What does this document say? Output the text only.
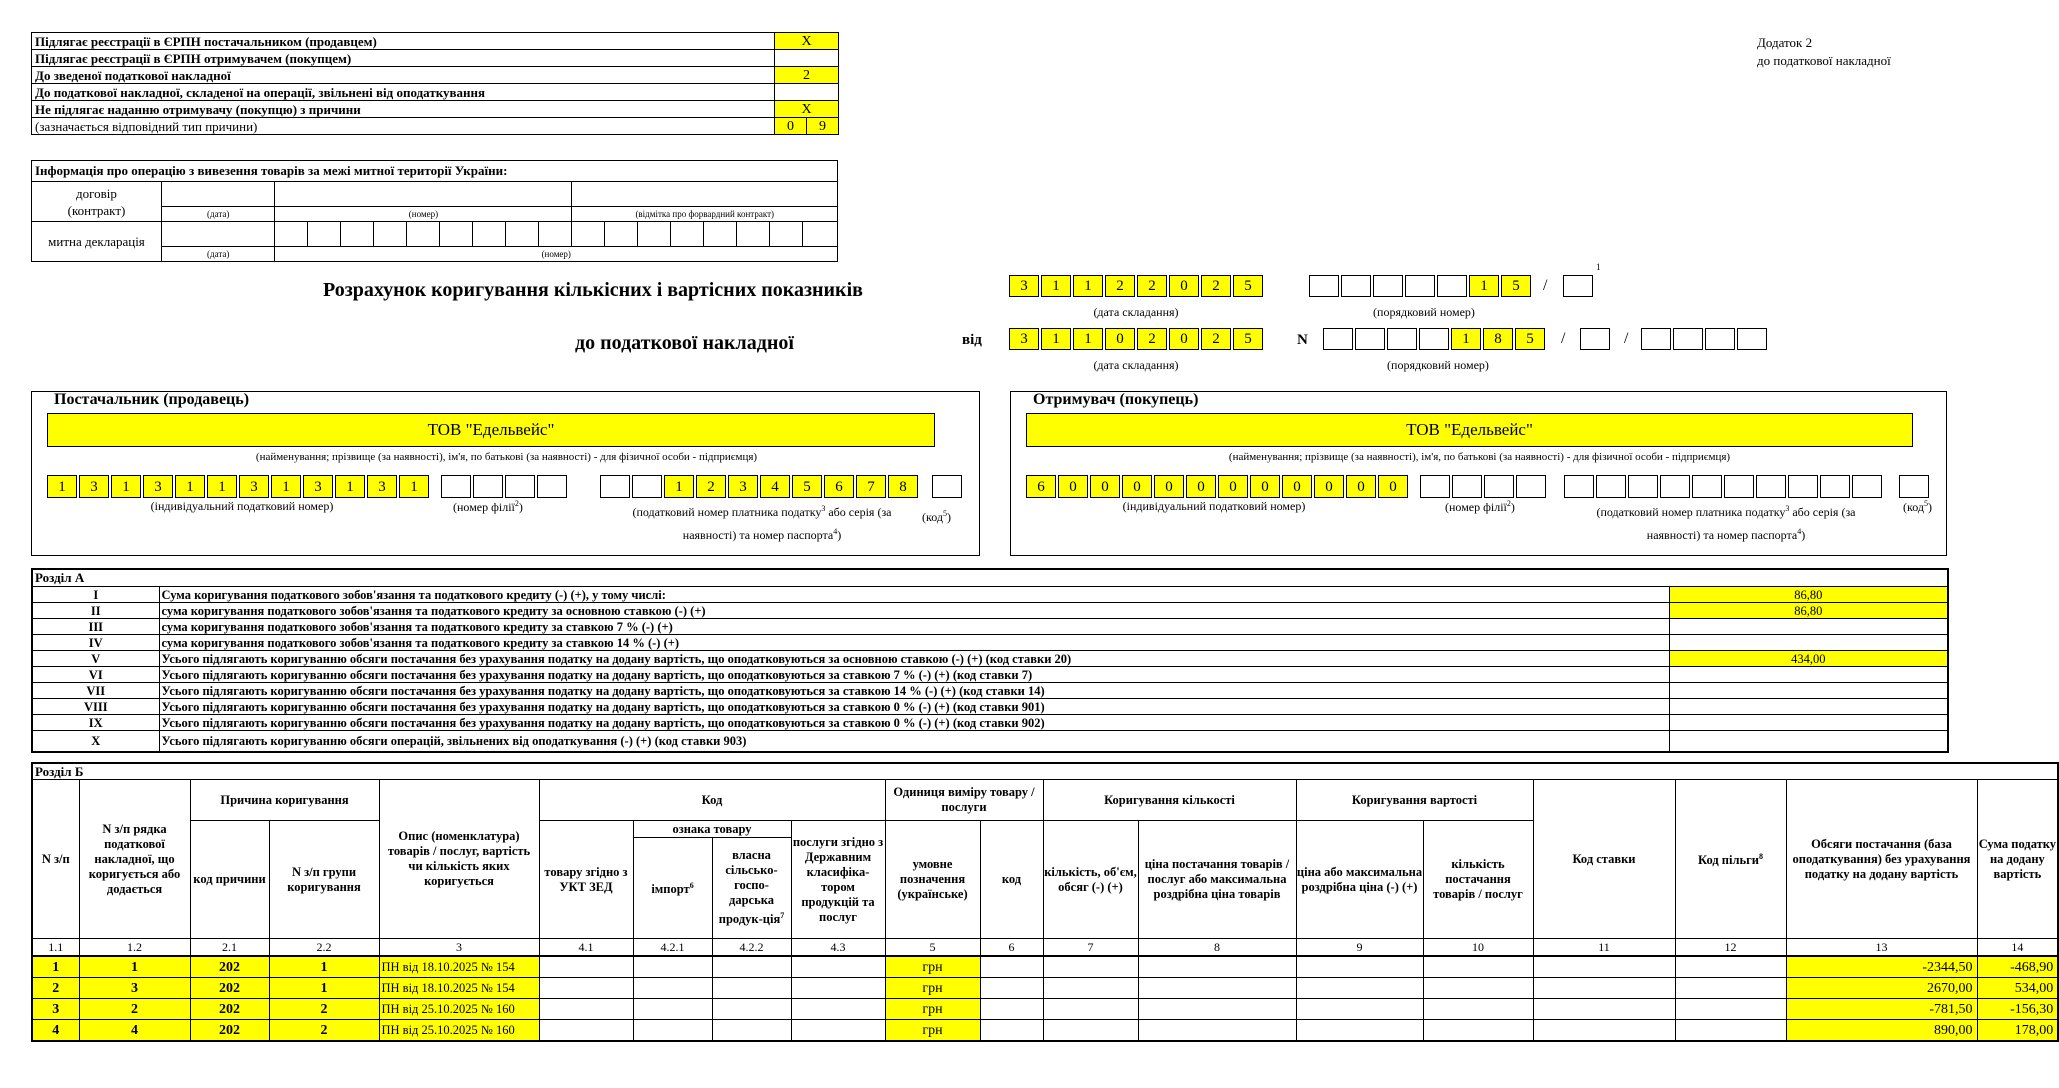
Додаток 2
до податкової накладної
Підлягає реєстрації в ЄРПН постачальником (продавцем)	X	
Підлягає реєстрації в ЄРПН отримувачем (покупцем)		
До зведеної податкової накладної	2	
До податкової накладної, складеної на операції, звільнені від оподаткування		
Не підлягає наданню отримувачу (покупцю) з причини	X	
(зазначається відповідний тип причини)	0	9
Інформація про операцію з вивезення товарів за межі митної території України:																		

договір
(контракт)																		

	(дата)	(номер)									(відмітка про форвардний контракт)							
митна декларація																		
	(дата)	(номер)																
Розрахунок коригування кількісних і вартісних показників
до податкової накладної
3	1	1	2	2	0	2	5
(дата складання)
1	5
(порядковий номер)
/
1
від	3	1	1	0	2	0	2	5
(дата складання)
N	1	8	5
(порядковий номер)
/	/
Постачальник (продавець)
ТОВ "Едельвейс"
(найменування; прізвище (за наявності), ім'я, по батькові (за наявності) - для фізичної особи - підприємця)
1	3	1	3	1	1	3	1	3	1	3	1
(індивідуальний податковий номер)	(номер філії$^2$)
1	2	3	4	5	6	7	8
(податковий номер платника податку$^3$ або серія (за
наявності) та номер паспорта$^4$)
(код$^5$)
Отримувач (покупець)
ТОВ "Едельвейс"
(найменування; прізвище (за наявності), ім'я, по батькові (за наявності) - для фізичної особи - підприємця)
6	0	0	0	0	0	0	0	0	0	0	0
(індивідуальний податковий номер)	(номер філії$^2$)	(податковий номер платника податку$^3$ або серія (за
наявності) та номер паспорта$^4$)
(код$^5$)
Розділ А		
I	Сума коригування податкового зобов'язання та податкового кредиту (-) (+), у тому числі:	86,80
II	сума коригування податкового зобов'язання та податкового кредиту за основною ставкою (-) (+)	86,80
III	сума коригування податкового зобов'язання та податкового кредиту за ставкою 7 % (-) (+)	
IV	сума коригування податкового зобов'язання та податкового кредиту за ставкою 14 % (-) (+)	
V	Усього підлягають коригуванню обсяги постачання без урахування податку на додану вартість, що оподатковуються за основною ставкою (-) (+) (код ставки 20)	434,00
VI	Усього підлягають коригуванню обсяги постачання без урахування податку на додану вартість, що оподатковуються за ставкою 7 % (-) (+) (код ставки 7)	
VII	Усього підлягають коригуванню обсяги постачання без урахування податку на додану вартість, що оподатковуються за ставкою 14 % (-) (+) (код ставки 14)	
VIII	Усього підлягають коригуванню обсяги постачання без урахування податку на додану вартість, що оподатковуються за ставкою 0 % (-) (+) (код ставки 901)	
IX	Усього підлягають коригуванню обсяги постачання без урахування податку на додану вартість, що оподатковуються за ставкою 0 % (-) (+) (код ставки 902)	
X	Усього підлягають коригуванню обсяги операцій, звільнених від оподаткування (-) (+) (код ставки 903)	
Розділ Б																		
N з/п	N з/п рядка податкової накладної, що коригується або додається	Причина коригування		Опис (номенклатура) товарів / послуг, вартість чи кількість яких коригується	Код				Одиниця виміру товару / послуги		Коригування кількості		Коригування вартості		Код ставки	Код пільги$^8$	Обсяги постачання (база оподаткування) без урахування податку на додану вартість	Сума податку на додану вартість
		код причини	N з/п групи коригування		товару згідно з УКТ ЗЕД	ознака товару		послуги згідно з Державним класифіка-тором продукцій та послуг	умовне позначення (українське)	код	кількість, об'єм, обсяг (-) (+)	ціна постачання товарів / послуг або максимальна роздрібна ціна товарів	ціна або максимальна роздрібна ціна (-) (+)	кількість постачання товарів / послуг				
						імпорт$^6$	власна сільсько-госпо-дарська продук-ція$^7$
1.1	1.2	2.1	2.2	3	4.1	4.2.1	4.2.2	4.3	5	6	7	8	9	10	11	12	13	14
1	1	202	1	ПН від 18.10.2025 № 154					грн								-2344,50	-468,90
2	3	202	1	ПН від 18.10.2025 № 154					грн								2670,00	534,00
3	2	202	2	ПН від 25.10.2025 № 160					грн								-781,50	-156,30
4	4	202	2	ПН від 25.10.2025 № 160					грн								890,00	178,00
